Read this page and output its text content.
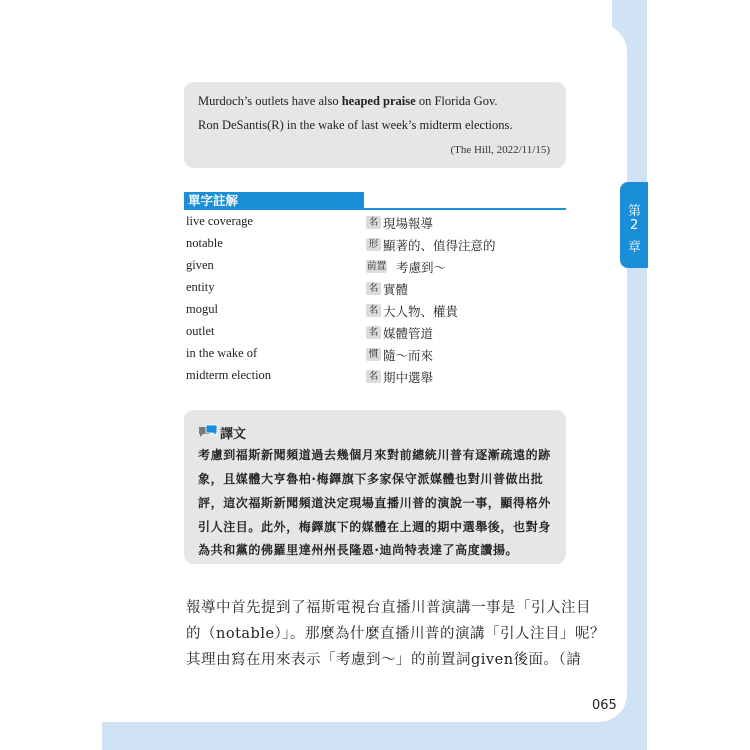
Murdoch’s outlets have also heaped praise on Florida Gov.
Ron DeSantis(R) in the wake of last week’s midterm elections.
(The Hill, 2022/11/15)
單字註解
live coverage	名 現場報導
notable	形 顯著的、值得注意的
given	前置 考慮到～
entity	名 實體
mogul	名 大人物、權貴
outlet	名 媒體管道
in the wake of	慣 隨～而來
midterm election	名 期中選舉
第
2
章
譯文
考慮到福斯新聞頻道過去幾個月來對前總統川普有逐漸疏遠的跡
象，且媒體大亨魯柏·梅鐸旗下多家保守派媒體也對川普做出批
評，這次福斯新聞頻道決定現場直播川普的演說一事，顯得格外
引人注目。此外，梅鐸旗下的媒體在上週的期中選舉後，也對身
為共和黨的佛羅里達州州長隆恩·迪尚特表達了高度讚揚。
報導中首先提到了福斯電視台直播川普演講一事是「引人注目
的（notable）」。那麼為什麼直播川普的演講「引人注目」呢？
其理由寫在用來表示「考慮到～」的前置詞given後面。（請
065
